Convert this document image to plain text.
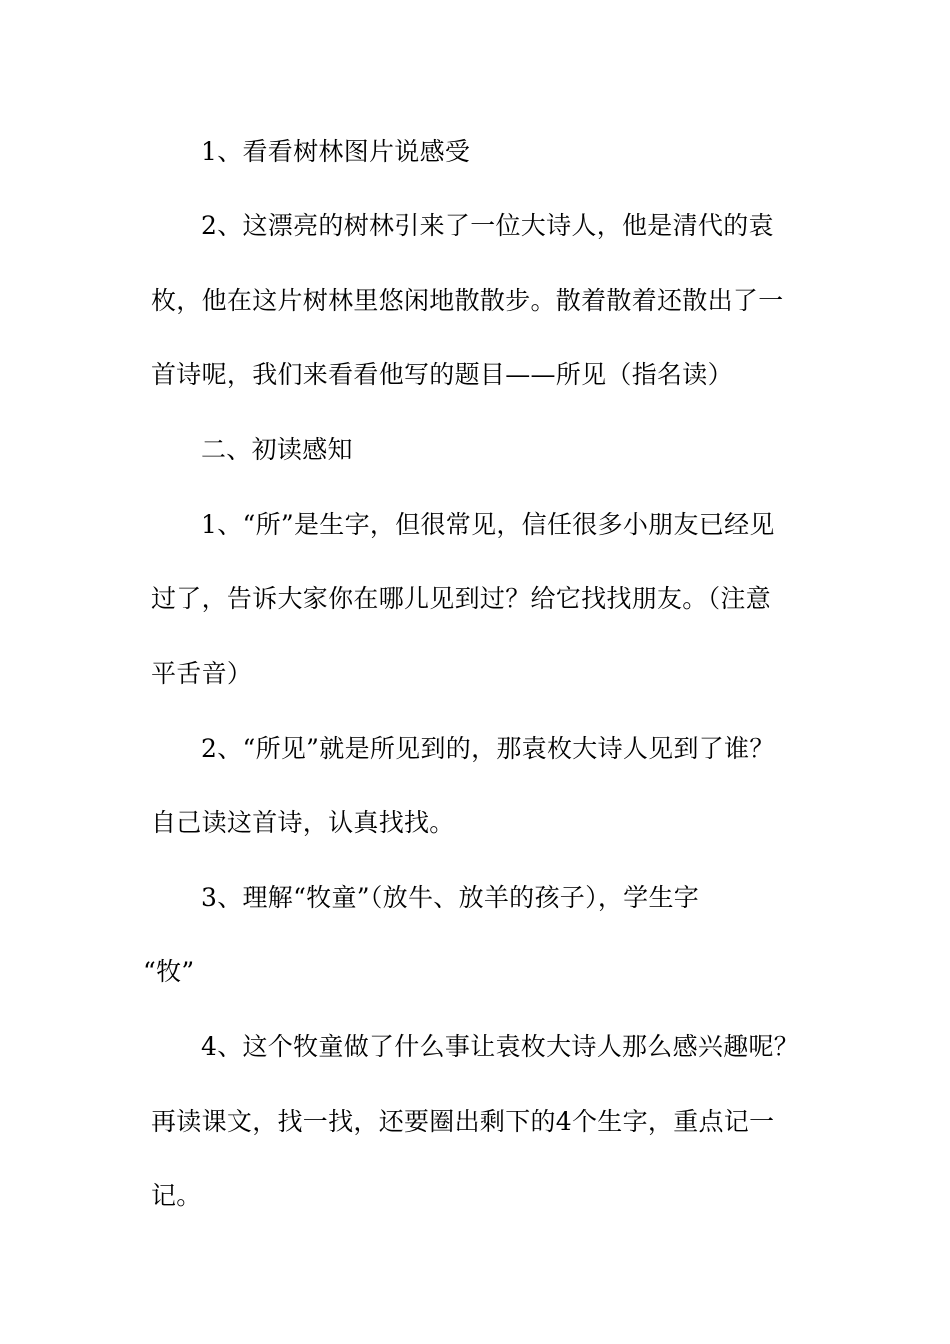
1、看看树林图片说感受
2、这漂亮的树林引来了一位大诗人，他是清代的袁
枚，他在这片树林里悠闲地散散步。散着散着还散出了一
首诗呢，我们来看看他写的题目——所见（指名读）
二、初读感知
1、“所”是生字，但很常见，信任很多小朋友已经见
过了，告诉大家你在哪儿见到过？给它找找朋友。（注意
平舌音）
2、“所见”就是所见到的，那袁枚大诗人见到了谁？
自己读这首诗，认真找找。
3、理解“牧童”（放牛、放羊的孩子），学生字
“牧”
4、这个牧童做了什么事让袁枚大诗人那么感兴趣呢？
再读课文，找一找，还要圈出剩下的4个生字，重点记一
记。
